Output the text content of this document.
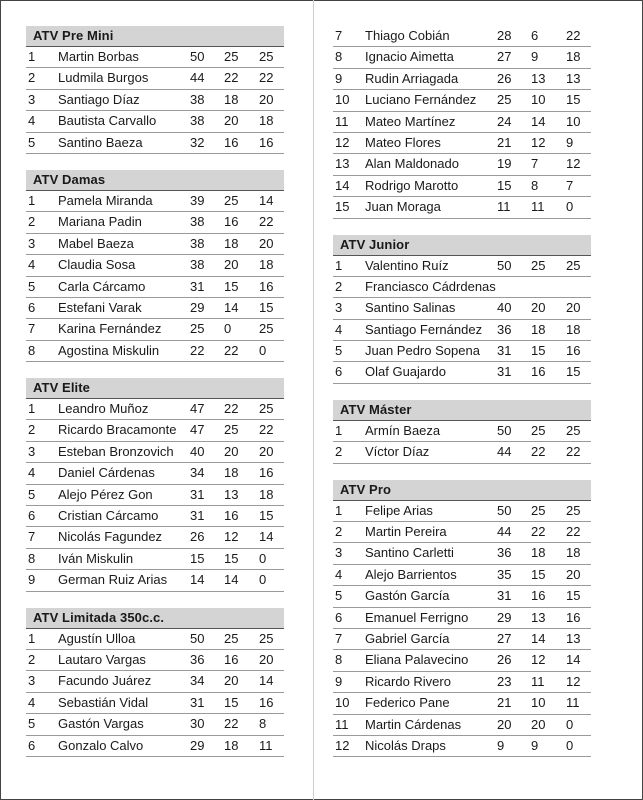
ATV Pre Mini
1	Martin Borbas	50	25	25
2	Ludmila Burgos	44	22	22
3	Santiago Díaz	38	18	20
4	Bautista Carvallo	38	20	18
5	Santino Baeza	32	16	16
ATV Damas
1	Pamela Miranda	39	25	14
2	Mariana Padin	38	16	22
3	Mabel Baeza	38	18	20
4	Claudia Sosa	38	20	18
5	Carla Cárcamo	31	15	16
6	Estefani Varak	29	14	15
7	Karina Fernández	25	0	25
8	Agostina Miskulin	22	22	0
ATV Elite
1	Leandro Muñoz	47	22	25
2	Ricardo Bracamonte	47	25	22
3	Esteban Bronzovich	40	20	20
4	Daniel Cárdenas	34	18	16
5	Alejo Pérez Gon	31	13	18
6	Cristian Cárcamo	31	16	15
7	Nicolás Fagundez	26	12	14
8	Iván Miskulin	15	15	0
9	German Ruiz Arias	14	14	0
ATV Limitada 350c.c.
1	Agustín Ulloa	50	25	25
2	Lautaro Vargas	36	16	20
3	Facundo Juárez	34	20	14
4	Sebastián Vidal	31	15	16
5	Gastón Vargas	30	22	8
6	Gonzalo Calvo	29	18	11
7	Thiago Cobián	28	6	22
8	Ignacio Aimetta	27	9	18
9	Rudin Arriagada	26	13	13
10	Luciano Fernández	25	10	15
11	Mateo Martínez	24	14	10
12	Mateo Flores	21	12	9
13	Alan Maldonado	19	7	12
14	Rodrigo Marotto	15	8	7
15	Juan Moraga	11	11	0
ATV Junior
1	Valentino Ruíz	50	25	25
2	Franciasco Cádrdenas
3	Santino Salinas	40	20	20
4	Santiago Fernández	36	18	18
5	Juan Pedro Sopena	31	15	16
6	Olaf Guajardo	31	16	15
ATV Máster
1	Armín Baeza	50	25	25
2	Víctor Díaz	44	22	22
ATV Pro
1	Felipe Arias	50	25	25
2	Martin Pereira	44	22	22
3	Santino Carletti	36	18	18
4	Alejo Barrientos	35	15	20
5	Gastón García	31	16	15
6	Emanuel Ferrigno	29	13	16
7	Gabriel García	27	14	13
8	Eliana Palavecino	26	12	14
9	Ricardo Rivero	23	11	12
10	Federico Pane	21	10	11
11	Martin Cárdenas	20	20	0
12	Nicolás Draps	9	9	0
